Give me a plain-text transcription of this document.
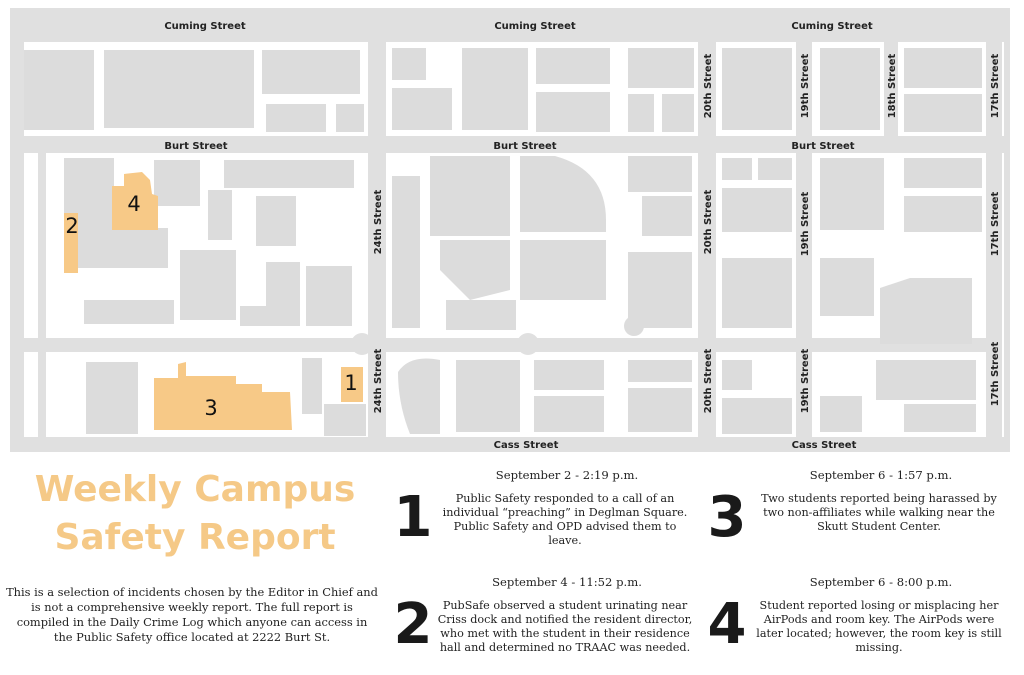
Cuming Street	Cuming Street	Cuming Street
Burt Street	Burt Street	Burt Street
Cass Street	Cass Street
24th Street
24th Street
20th Street
20th Street
20th Street
19th Street
19th Street
19th Street
18th Street	17th Street
17th Street
17th Street
1
2
3
4
Weekly Campus
Safety Report
This is a selection of incidents chosen by the Editor in Chief and is not a comprehensive weekly report. The full report is compiled in the Daily Crime Log which anyone can access in the Public Safety office located at 2222 Burt St.
1
September 2 - 2:19 p.m.
Public Safety responded to a call of an individual “preaching” in Deglman Square. Public Safety and OPD advised them to leave.
2
September 4 - 11:52 p.m.
PubSafe observed a student urinating near Criss dock and notified the resident director, who met with the student in their residence hall and determined no TRAAC was needed.
3
September 6 - 1:57 p.m.
Two students reported being harassed by two non-affiliates while walking near the Skutt Student Center.
4
September 6 - 8:00 p.m.
Student reported losing or misplacing her AirPods and room key. The AirPods were later located; however, the room key is still missing.
